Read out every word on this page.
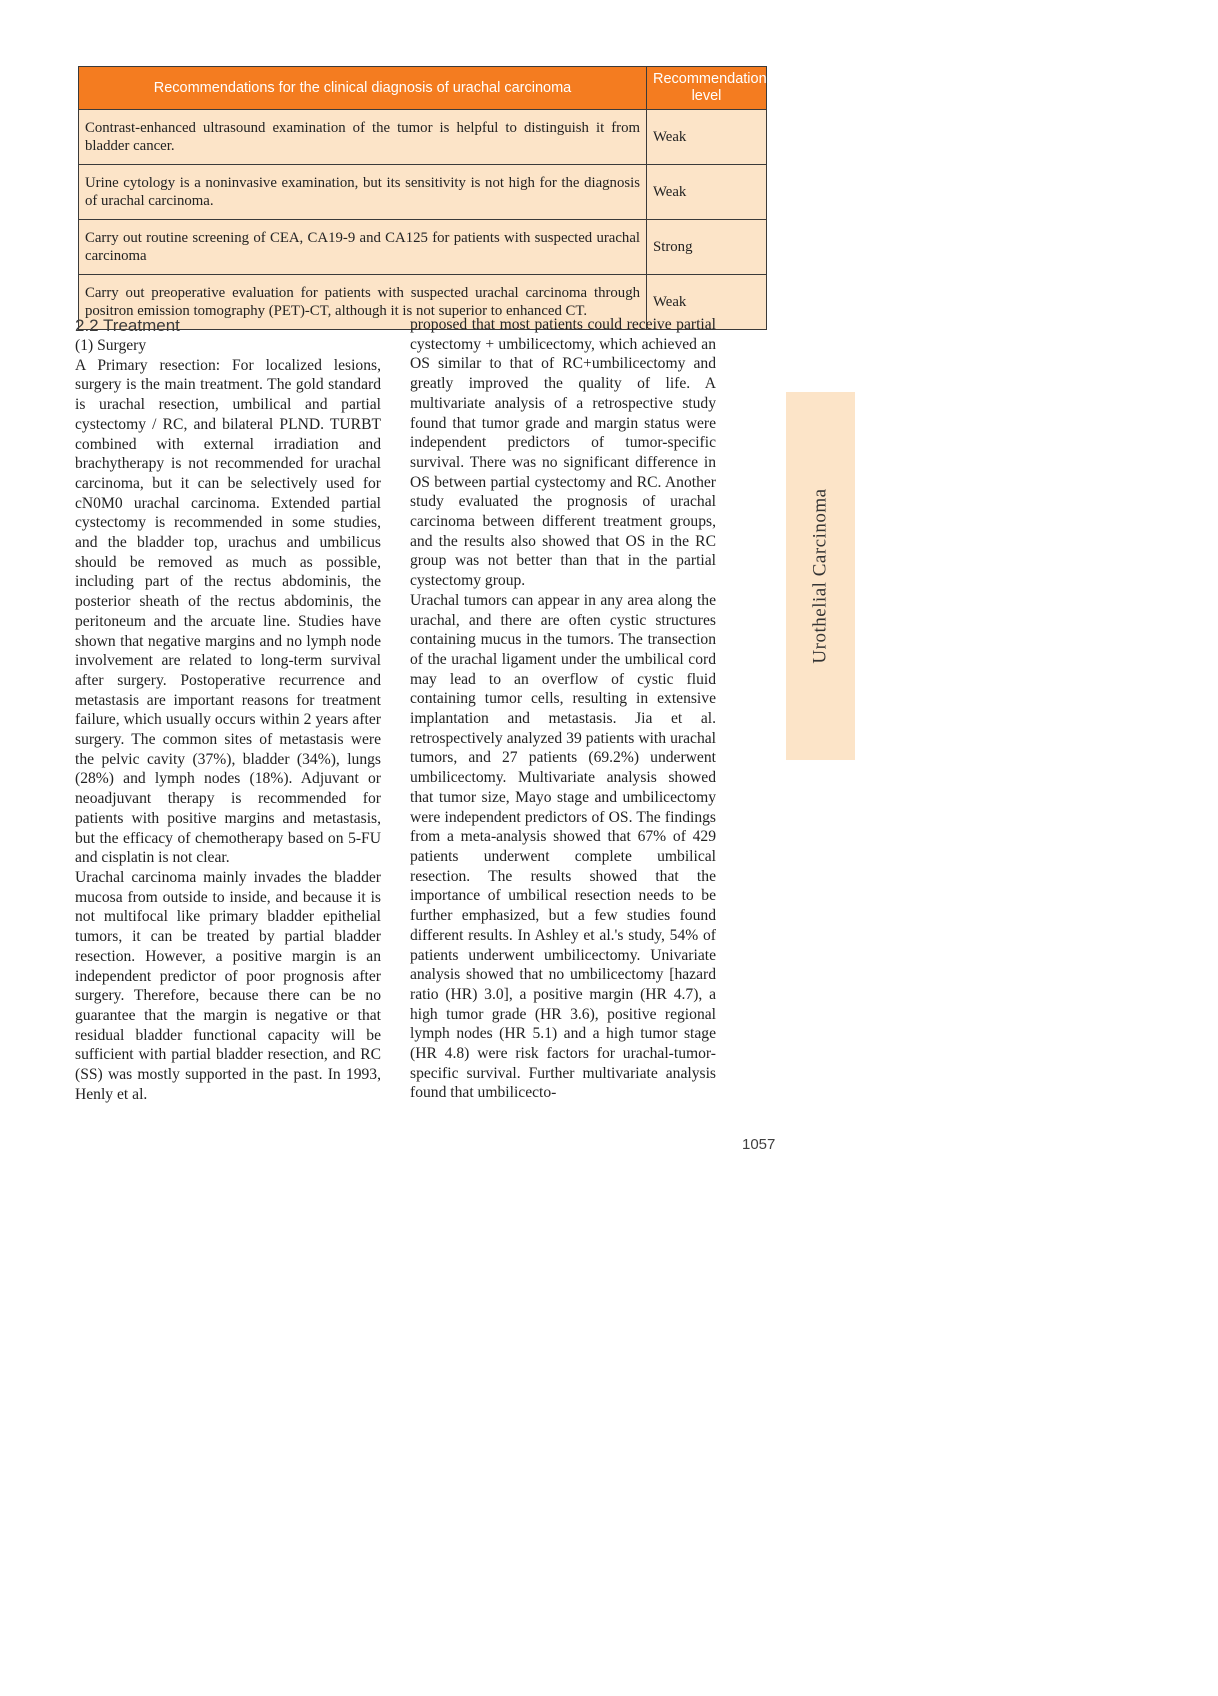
Recommendations for the clinical diagnosis of urachal carcinoma	Recommendation level
Contrast-enhanced ultrasound examination of the tumor is helpful to distinguish it from bladder cancer.	Weak
Urine cytology is a noninvasive examination, but its sensitivity is not high for the diagnosis of urachal carcinoma.	Weak
Carry out routine screening of CEA, CA19-9 and CA125 for patients with suspected urachal carcinoma	Strong
Carry out preoperative evaluation for patients with suspected urachal carcinoma through positron emission tomography (PET)-CT, although it is not superior to enhanced CT.	Weak
2.2 Treatment
(1) Surgery

A Primary resection: For localized lesions, surgery is the main treatment. The gold standard is urachal resection, umbilical and partial cystectomy / RC, and bilateral PLND. TURBT combined with external irradiation and brachytherapy is not recommended for urachal carcinoma, but it can be selectively used for cN0M0 urachal carcinoma. Extended partial cystectomy is recommended in some studies, and the bladder top, urachus and umbilicus should be removed as much as possible, including part of the rectus abdominis, the posterior sheath of the rectus abdominis, the peritoneum and the arcuate line. Studies have shown that negative margins and no lymph node involvement are related to long-term survival after surgery. Postoperative recurrence and metastasis are important reasons for treatment failure, which usually occurs within 2 years after surgery. The common sites of metastasis were the pelvic cavity (37%), bladder (34%), lungs (28%) and lymph nodes (18%). Adjuvant or neoadjuvant therapy is recommended for patients with positive margins and metastasis, but the efficacy of chemotherapy based on 5-FU and cisplatin is not clear.

Urachal carcinoma mainly invades the bladder mucosa from outside to inside, and because it is not multifocal like primary bladder epithelial tumors, it can be treated by partial bladder resection. However, a positive margin is an independent predictor of poor prognosis after surgery. Therefore, because there can be no guarantee that the margin is negative or that residual bladder functional capacity will be sufficient with partial bladder resection, and RC (SS) was mostly supported in the past. In 1993, Henly et al.

proposed that most patients could receive partial cystectomy + umbilicectomy, which achieved an OS similar to that of RC+umbilicectomy and greatly improved the quality of life. A multivariate analysis of a retrospective study found that tumor grade and margin status were independent predictors of tumor-specific survival. There was no significant difference in OS between partial cystectomy and RC. Another study evaluated the prognosis of urachal carcinoma between different treatment groups, and the results also showed that OS in the RC group was not better than that in the partial cystectomy group.

Urachal tumors can appear in any area along the urachal, and there are often cystic structures containing mucus in the tumors. The transection of the urachal ligament under the umbilical cord may lead to an overflow of cystic fluid containing tumor cells, resulting in extensive implantation and metastasis. Jia et al. retrospectively analyzed 39 patients with urachal tumors, and 27 patients (69.2%) underwent umbilicectomy. Multivariate analysis showed that tumor size, Mayo stage and umbilicectomy were independent predictors of OS. The findings from a meta-analysis showed that 67% of 429 patients underwent complete umbilical resection. The results showed that the importance of umbilical resection needs to be further emphasized, but a few studies found different results. In Ashley et al.'s study, 54% of patients underwent umbilicectomy. Univariate analysis showed that no umbilicectomy [hazard ratio (HR) 3.0], a positive margin (HR 4.7), a high tumor grade (HR 3.6), positive regional lymph nodes (HR 5.1) and a high tumor stage (HR 4.8) were risk factors for urachal-tumor-specific survival. Further multivariate analysis found that umbilicecto-

Urothelial Carcinoma
1057
